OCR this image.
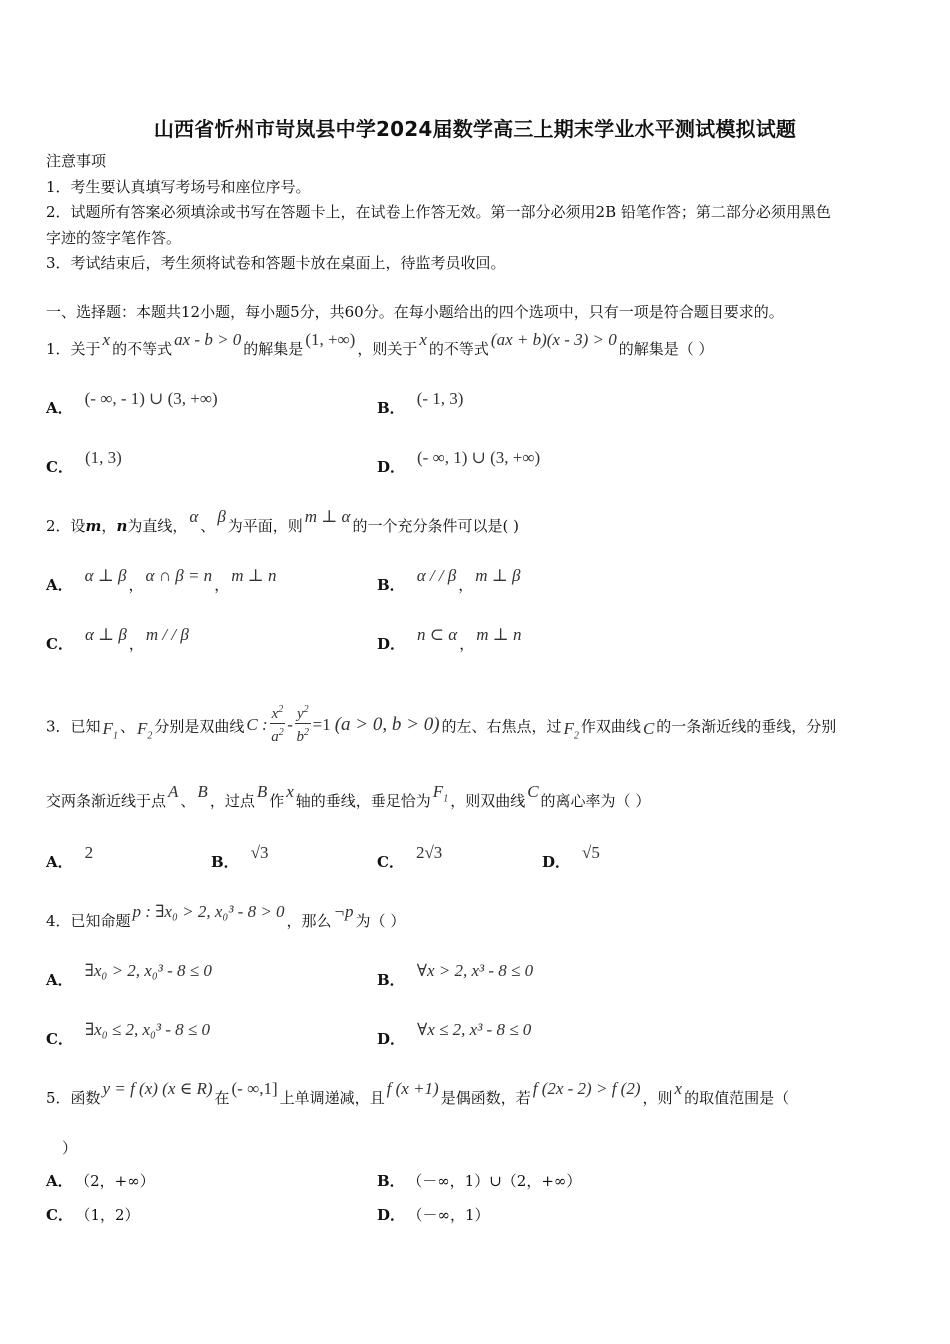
山西省忻州市岢岚县中学2024届数学高三上期末学业水平测试模拟试题
注意事项
1．考生要认真填写考场号和座位序号。
2．试题所有答案必须填涂或书写在答题卡上，在试卷上作答无效。第一部分必须用2B 铅笔作答；第二部分必须用黑色
字迹的签字笔作答。
3．考试结束后，考生须将试卷和答题卡放在桌面上，待监考员收回。
一、选择题：本题共12小题，每小题5分，共60分。在每小题给出的四个选项中，只有一项是符合题目要求的。
1．关于 x 的不等式 ax - b > 0 的解集是 (1, +∞) ，则关于 x 的不等式 (ax + b)(x - 3) > 0 的解集是（ ）
A． (- ∞, - 1) ∪ (3, +∞)	B． (- 1, 3)
C． (1, 3)	D． (- ∞, 1) ∪ (3, +∞)
2．设m，n为直线， α 、 β 为平面，则 m ⊥ α 的一个充分条件可以是( )
A． α ⊥ β ， α ∩ β = n ， m ⊥ n	B． α / / β ， m ⊥ β
C． α ⊥ β ， m / / β	D． n ⊂ α ， m ⊥ n
3．已知 $F_1$ 、 $F_2$ 分别是双曲线 C : $\frac{x^2}{a^2} - \frac{y^2}{b^2} =1$ (a > 0, b > 0) 的左、右焦点，过 $F_2$ 作双曲线 C 的一条渐近线的垂线，分别
交两条渐近线于点 A 、 B ，过点 B 作 x 轴的垂线，垂足恰为 $F_1$ ，则双曲线 C 的离心率为（ ）
A． 2	B． √3	C． 2√3	D． √5
4．已知命题 p : ∃x₀ > 2, x₀³ - 8 > 0 ，那么 ¬p 为（ ）
A． ∃x₀ > 2, x₀³ - 8 ≤ 0	B． ∀x > 2, x³ - 8 ≤ 0
C． ∃x₀ ≤ 2, x₀³ - 8 ≤ 0	D． ∀x ≤ 2, x³ - 8 ≤ 0
5．函数 y = f (x) (x ∈ R) 在 (- ∞,1] 上单调递减，且 f (x +1) 是偶函数，若 f (2x - 2) > f (2) ，则 x 的取值范围是（
）
A． （2，+∞）	B． （－∞，1）∪（2，+∞）
C． （1，2）	D． （－∞，1）
